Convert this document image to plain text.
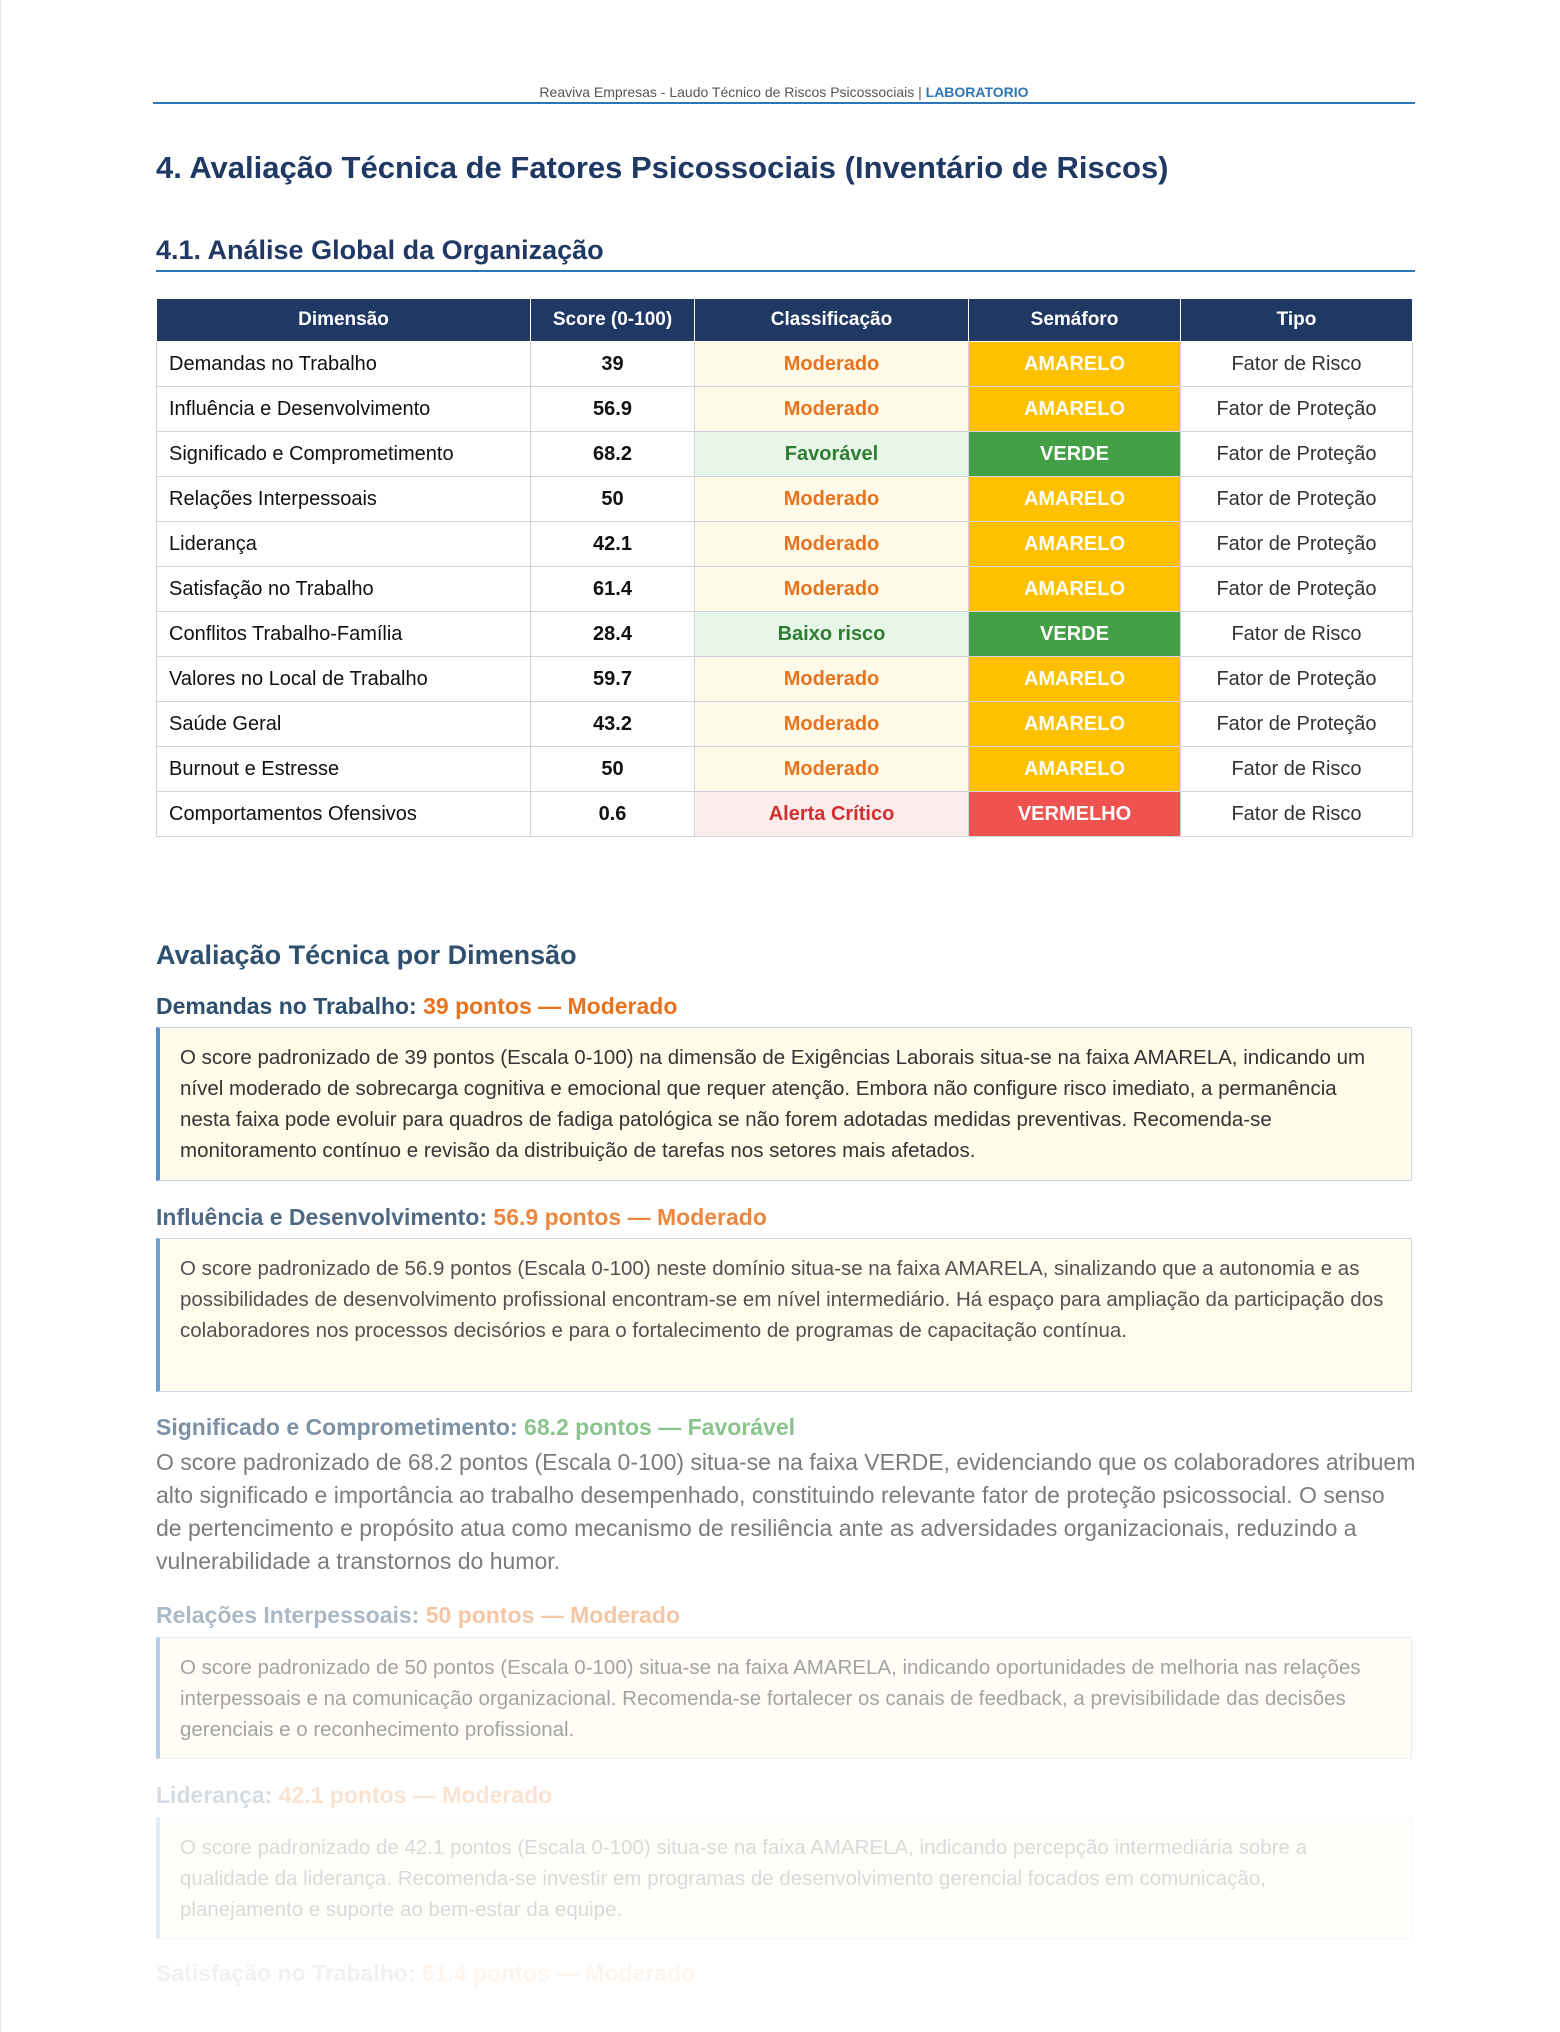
Reaviva Empresas - Laudo Técnico de Riscos Psicossociais | LABORATORIO
4. Avaliação Técnica de Fatores Psicossociais (Inventário de Riscos)
4.1. Análise Global da Organização
Dimensão	Score (0-100)	Classificação	Semáforo	Tipo
Demandas no Trabalho	39	Moderado	AMARELO	Fator de Risco
Influência e Desenvolvimento	56.9	Moderado	AMARELO	Fator de Proteção
Significado e Comprometimento	68.2	Favorável	VERDE	Fator de Proteção
Relações Interpessoais	50	Moderado	AMARELO	Fator de Proteção
Liderança	42.1	Moderado	AMARELO	Fator de Proteção
Satisfação no Trabalho	61.4	Moderado	AMARELO	Fator de Proteção
Conflitos Trabalho-Família	28.4	Baixo risco	VERDE	Fator de Risco
Valores no Local de Trabalho	59.7	Moderado	AMARELO	Fator de Proteção
Saúde Geral	43.2	Moderado	AMARELO	Fator de Proteção
Burnout e Estresse	50	Moderado	AMARELO	Fator de Risco
Comportamentos Ofensivos	0.6	Alerta Crítico	VERMELHO	Fator de Risco
Avaliação Técnica por Dimensão
Demandas no Trabalho: 39 pontos — Moderado
O score padronizado de 39 pontos (Escala 0-100) na dimensão de Exigências Laborais situa-se na faixa AMARELA, indicando um nível moderado de sobrecarga cognitiva e emocional que requer atenção. Embora não configure risco imediato, a permanência nesta faixa pode evoluir para quadros de fadiga patológica se não forem adotadas medidas preventivas. Recomenda-se monitoramento contínuo e revisão da distribuição de tarefas nos setores mais afetados.
Influência e Desenvolvimento: 56.9 pontos — Moderado
O score padronizado de 56.9 pontos (Escala 0-100) neste domínio situa-se na faixa AMARELA, sinalizando que a autonomia e as possibilidades de desenvolvimento profissional encontram-se em nível intermediário. Há espaço para ampliação da participação dos colaboradores nos processos decisórios e para o fortalecimento de programas de capacitação contínua.
Significado e Comprometimento: 68.2 pontos — Favorável
O score padronizado de 68.2 pontos (Escala 0-100) situa-se na faixa VERDE, evidenciando que os colaboradores atribuem alto significado e importância ao trabalho desempenhado, constituindo relevante fator de proteção psicossocial. O senso de pertencimento e propósito atua como mecanismo de resiliência ante as adversidades organizacionais, reduzindo a vulnerabilidade a transtornos do humor.
Relações Interpessoais: 50 pontos — Moderado
O score padronizado de 50 pontos (Escala 0-100) situa-se na faixa AMARELA, indicando oportunidades de melhoria nas relações interpessoais e na comunicação organizacional. Recomenda-se fortalecer os canais de feedback, a previsibilidade das decisões gerenciais e o reconhecimento profissional.
Liderança: 42.1 pontos — Moderado
O score padronizado de 42.1 pontos (Escala 0-100) situa-se na faixa AMARELA, indicando percepção intermediária sobre a qualidade da liderança. Recomenda-se investir em programas de desenvolvimento gerencial focados em comunicação, planejamento e suporte ao bem-estar da equipe.
Satisfação no Trabalho: 61.4 pontos — Moderado
